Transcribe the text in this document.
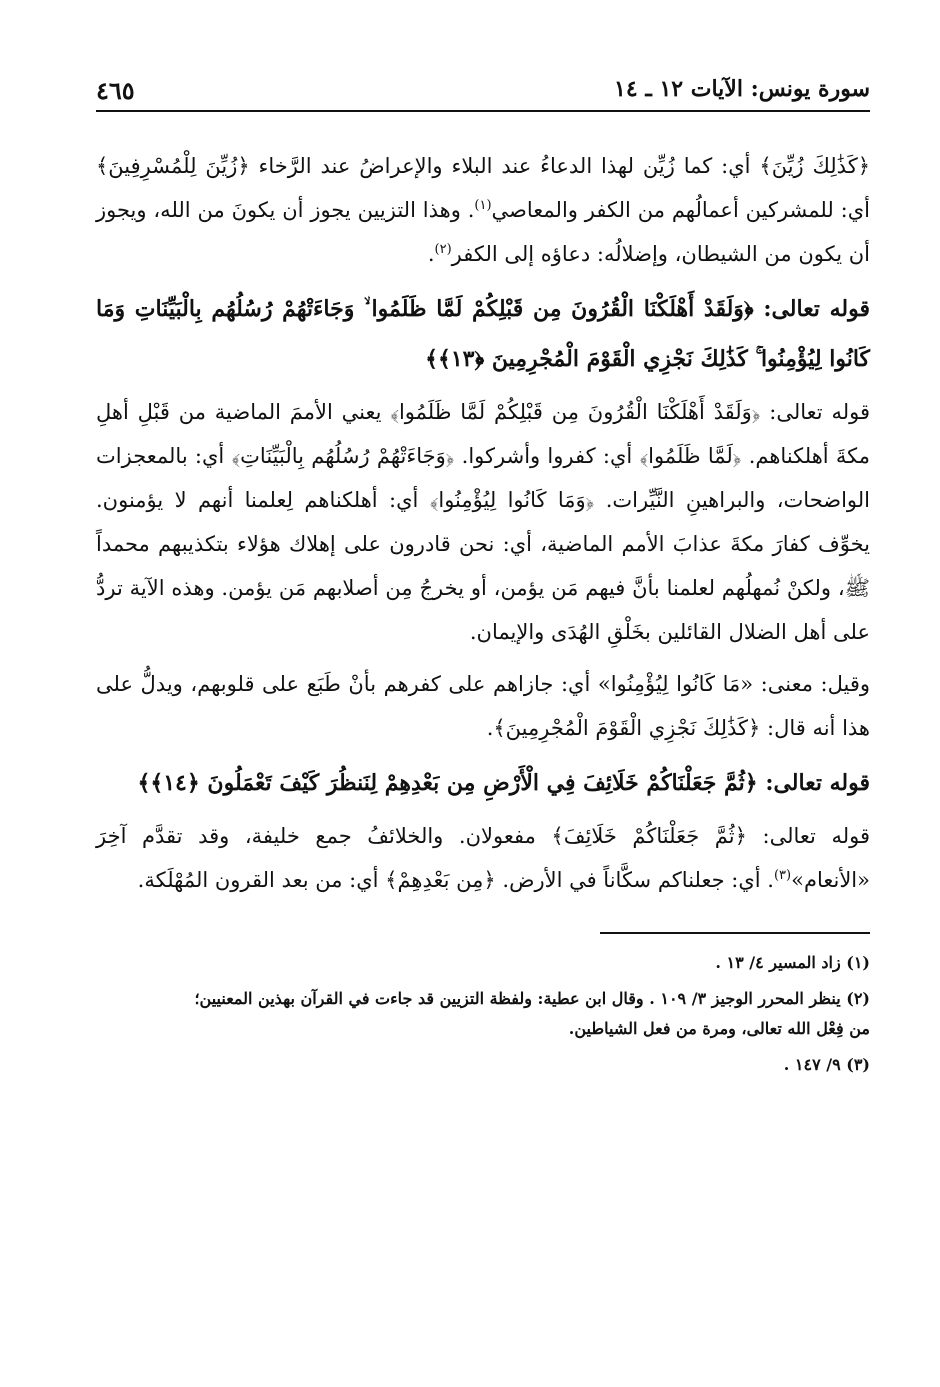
سورة يونس: الآيات ١٢ ـ ١٤
٤٦٥

﴿كَذَٰلِكَ زُيِّنَ﴾ أي: كما زُيِّن لهذا الدعاءُ عند البلاء والإعراضُ عند الرَّخاء ﴿زُيِّنَ لِلْمُسْرِفِينَ﴾ أي: للمشركين أعمالُهم من الكفر والمعاصي$^{(١)}$. وهذا التزيين يجوز أن يكونَ من الله، ويجوز أن يكون من الشيطان، وإضلالُه: دعاؤه إلى الكفر$^{(٢)}$.

قوله تعالى: ﴿وَلَقَدْ أَهْلَكْنَا الْقُرُونَ مِن قَبْلِكُمْ لَمَّا ظَلَمُوا ۙ وَجَاءَتْهُمْ رُسُلُهُم بِالْبَيِّنَاتِ وَمَا كَانُوا لِيُؤْمِنُوا ۚ كَذَٰلِكَ نَجْزِي الْقَوْمَ الْمُجْرِمِينَ ﴿١٣﴾﴾

قوله تعالى: ﴿وَلَقَدْ أَهْلَكْنَا الْقُرُونَ مِن قَبْلِكُمْ لَمَّا ظَلَمُوا﴾ يعني الأممَ الماضية من قَبْلِ أهلِ مكةَ أهلكناهم. ﴿لَمَّا ظَلَمُوا﴾ أي: كفروا وأشركوا. ﴿وَجَاءَتْهُمْ رُسُلُهُم بِالْبَيِّنَاتِ﴾ أي: بالمعجزات الواضحات، والبراهينِ النَّيِّرات. ﴿وَمَا كَانُوا لِيُؤْمِنُوا﴾ أي: أهلكناهم لِعلمنا أنهم لا يؤمنون. يخوِّف كفارَ مكةَ عذابَ الأمم الماضية، أي: نحن قادرون على إهلاك هؤلاء بتكذيبهم محمداً ﷺ، ولكنْ نُمهلُهم لعلمنا بأنَّ فيهم مَن يؤمن، أو يخرجُ مِن أصلابهم مَن يؤمن. وهذه الآية تردُّ على أهل الضلال القائلين بخَلْقِ الهُدَى والإيمان.

وقيل: معنى: «مَا كَانُوا لِيُؤْمِنُوا» أي: جازاهم على كفرهم بأنْ طَبَع على قلوبهم، ويدلُّ على هذا أنه قال: ﴿كَذَٰلِكَ نَجْزِي الْقَوْمَ الْمُجْرِمِينَ﴾.

قوله تعالى: ﴿ثُمَّ جَعَلْنَاكُمْ خَلَائِفَ فِي الْأَرْضِ مِن بَعْدِهِمْ لِنَنظُرَ كَيْفَ تَعْمَلُونَ ﴿١٤﴾﴾

قوله تعالى: ﴿ثُمَّ جَعَلْنَاكُمْ خَلَائِفَ﴾ مفعولان. والخلائفُ جمع خليفة، وقد تقدَّم آخِرَ «الأنعام»$^{(٣)}$. أي: جعلناكم سكَّاناً في الأرض. ﴿مِن بَعْدِهِمْ﴾ أي: من بعد القرون المُهْلَكة.

(١) زاد المسير ٤/ ١٣ .

(٢) ينظر المحرر الوجيز ٣/ ١٠٩ . وقال ابن عطية: ولفظة التزيين قد جاءت في القرآن بهذين المعنيين؛
من فِعْل الله تعالى، ومرة من فعل الشياطين.

(٣) ٩/ ١٤٧ .
